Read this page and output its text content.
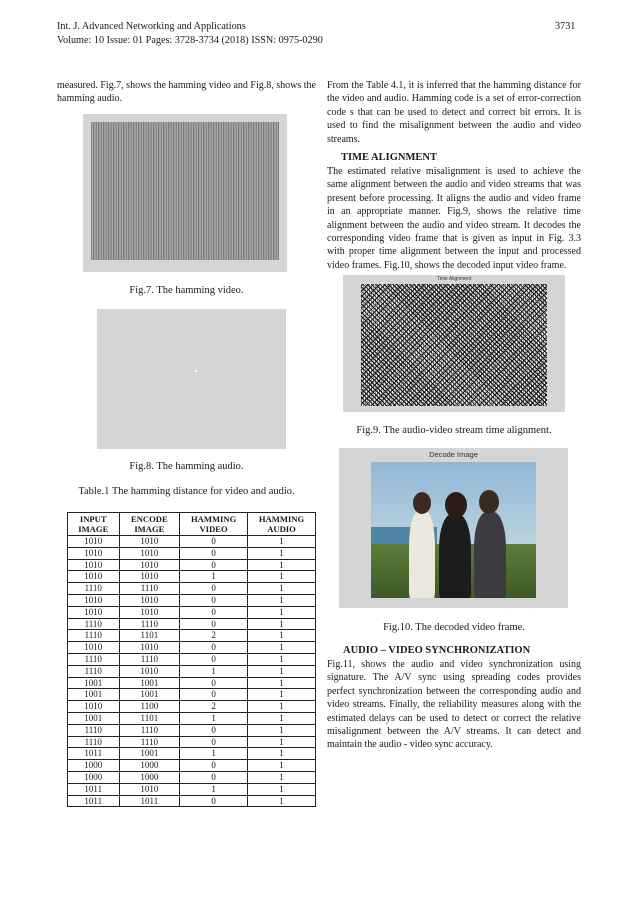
Int. J. Advanced Networking and Applications
Volume: 10 Issue: 01 Pages: 3728-3734 (2018) ISSN: 0975-0290
3731
measured. Fig.7, shows the hamming video and Fig.8, shows the hamming audio.
Fig.7. The hamming video.
Fig.8. The hamming audio.
Table.1 The hamming distance for video and audio.
INPUT IMAGE	ENCODE IMAGE	HAMMING VIDEO	HAMMING AUDIO
1010	1010	0	1
1010	1010	0	1
1010	1010	0	1
1010	1010	1	1
1110	1110	0	1
1010	1010	0	1
1010	1010	0	1
1110	1110	0	1
1110	1101	2	1
1010	1010	0	1
1110	1110	0	1
1110	1010	1	1
1001	1001	0	1
1001	1001	0	1
1010	1100	2	1
1001	1101	1	1
1110	1110	0	1
1110	1110	0	1
1011	1001	1	1
1000	1000	0	1
1000	1000	0	1
1011	1010	1	1
1011	1011	0	1
From the Table 4.1, it is inferred that the hamming distance for the video and audio. Hamming code is a set of error-correction code s that can be used to detect and correct bit errors. It is used to find the misalignment between the audio and video streams.
TIME ALIGNMENT
The estimated relative misalignment is used to achieve the same alignment between the audio and video streams that was present before processing. It aligns the audio and video frame in an appropriate manner. Fig.9, shows the relative time alignment between the audio and video stream. It decodes the corresponding video frame that is given as input in Fig. 3.3 with proper time alignment between the input and processed video frames. Fig.10, shows the decoded input video frame.
Time Alignment
Fig.9. The audio-video stream time alignment.
Decode Image
Fig.10. The decoded video frame.
AUDIO – VIDEO SYNCHRONIZATION
Fig.11, shows the audio and video synchronization using signature. The A/V sync using spreading codes provides perfect synchronization between the corresponding audio and video streams. Finally, the reliability measures along with the estimated delays can be used to detect or correct the relative misalignment between the A/V streams. It can detect and maintain the audio - video sync accuracy.
